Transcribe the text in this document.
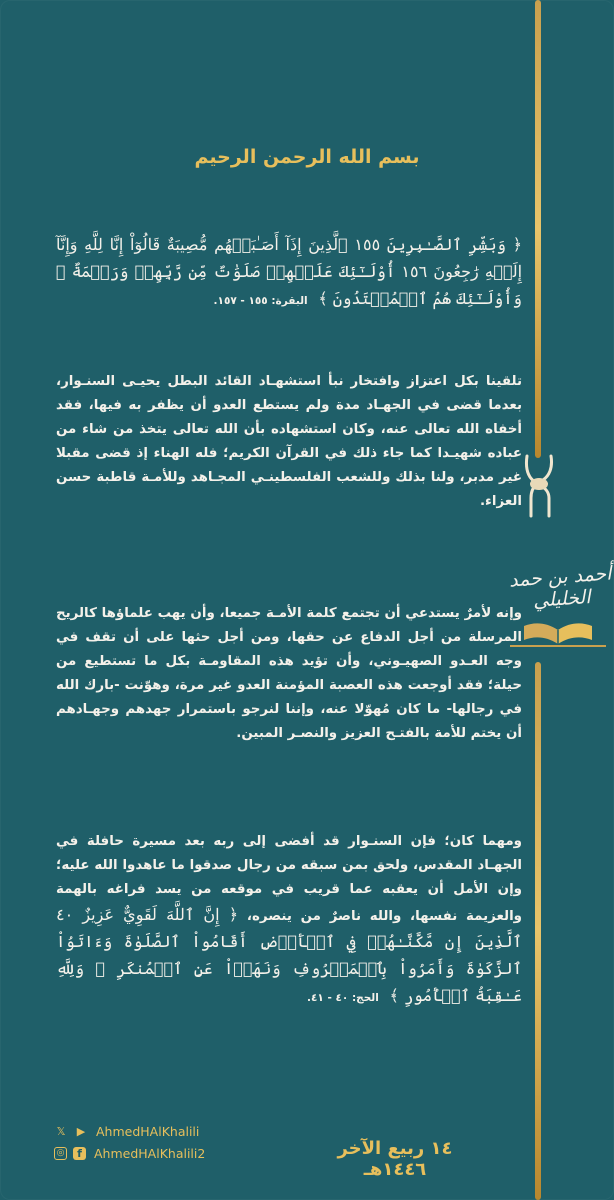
أحمد بن حمد الخليلي
بسم الله الرحمن الرحيم
﴿ وَبَشِّرِ ٱلصَّـٰبِرِينَ ١٥٥ ٱلَّذِينَ إِذَآ أَصَـٰبَتۡهُم مُّصِيبَةٌ قَالُوٓاْ إِنَّا لِلَّهِ وَإِنَّآ إِلَيۡهِ رَٰجِعُونَ ١٥٦ أُوْلَـٰٓئِكَ عَلَيۡهِمۡ صَلَوَٰتٌ مِّن رَّبِّهِمۡ وَرَحۡمَةٌ ۖ وَأُوْلَـٰٓئِكَ هُمُ ٱلۡمُهۡتَدُونَ ﴾ البقرة: ١٥٥ - ١٥٧.
تلقينا بكل اعتزاز وافتخار نبأ استشهـاد القائد البطل يحيـى السنـوار، بعدما قضى في الجهـاد مدة ولم يستطع العدو أن يظفر به فيها، فقد أخفاه الله تعالى عنه، وكان استشهاده بأن الله تعالى يتخذ من شاء من عباده شهيـدا كما جاء ذلك في القرآن الكريم؛ فله الهناء إذ قضى مقبلا غير مدبر، ولنا بذلك وللشعب الفلسطينـي المجـاهد وللأمـة قاطبة حسن العزاء.
وإنه لأمرٌ يستدعي أن تجتمع كلمة الأمـة جميعا، وأن يهب علماؤها كالريح المرسلة من أجل الدفاع عن حقها، ومن أجل حثها على أن تقف في وجه العـدو الصهيـوني، وأن تؤيد هذه المقاومـة بكل ما تستطيع من حيلة؛ فقد أوجعت هذه العصبة المؤمنة العدو غير مرة، وهوّنت -بارك الله في رجالها- ما كان مُهوّلا عنه، وإننا لنرجو باستمرار جهدهم وجهـادهم أن يختم للأمة بالفتـح العزيز والنصـر المبين.
ومهما كان؛ فإن السنـوار قد أفضى إلى ربه بعد مسيرة حافلة في الجهـاد المقدس، ولحق بمن سبقه من رجال صدقوا ما عاهدوا الله عليه؛ وإن الأمل أن يعقبه عما قريب في موقعه من يسد فراغه بالهمة والعزيمة نفسها، والله ناصرٌ من ينصره، ﴿ إِنَّ ٱللَّهَ لَقَوِيٌّ عَزِيزٌ ٤٠ ٱلَّذِينَ إِن مَّكَّنَّـٰهُمۡ فِي ٱلۡأَرۡضِ أَقَامُواْ ٱلصَّلَوٰةَ وَءَاتَوُاْ ٱلزَّكَوٰةَ وَأَمَرُواْ بِٱلۡمَعۡرُوفِ وَنَهَوۡاْ عَنِ ٱلۡمُنكَرِ ۗ وَلِلَّهِ عَـٰقِبَةُ ٱلۡأُمُورِ ﴾ الحج: ٤٠ - ٤١.
𝕏 ▶ AhmedHAlKhalili
◎	f AhmedHAlKhalili2	١٤ ربيع الآخر ١٤٤٦هـ
